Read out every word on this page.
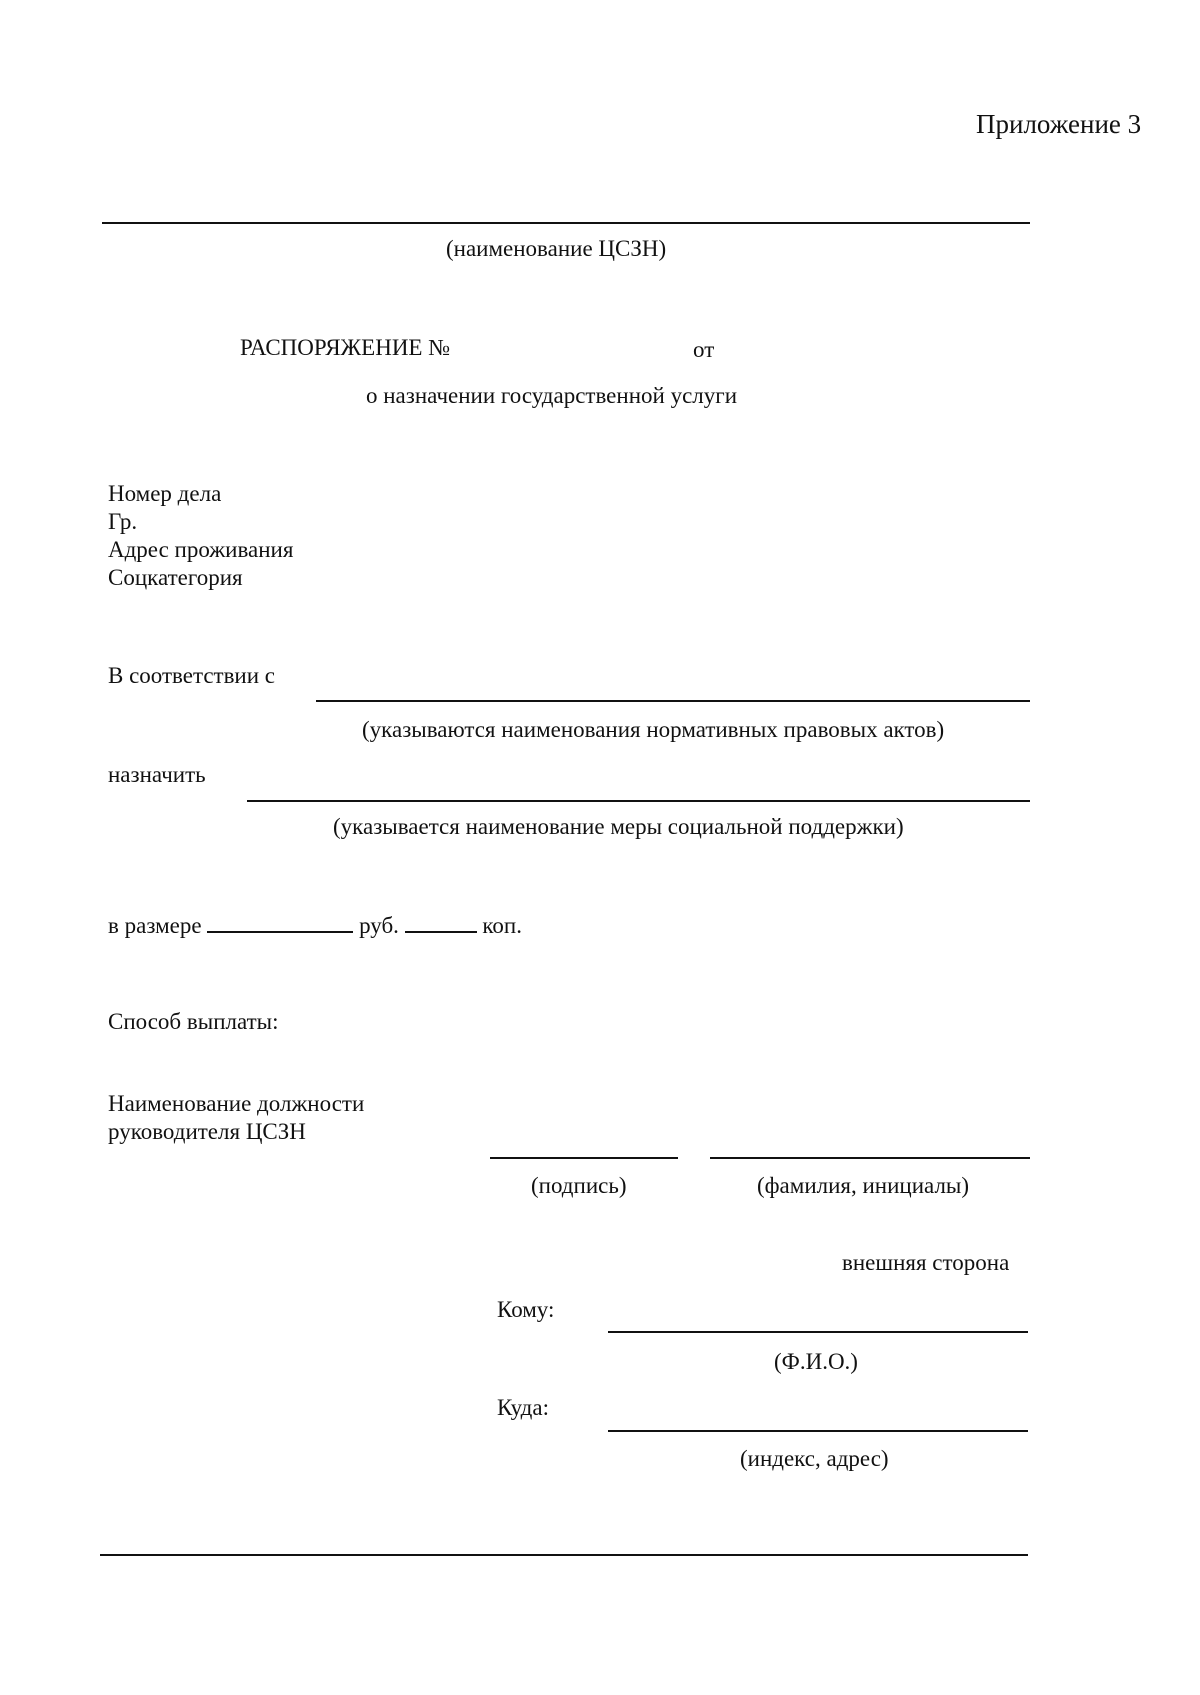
Приложение 3
(наименование ЦСЗН)
РАСПОРЯЖЕНИЕ №	от
о назначении государственной услуги
Номер дела
Гр.
Адрес проживания
Соцкатегория
В соответствии с
(указываются наименования нормативных правовых актов)
назначить
(указывается наименование меры социальной поддержки)
в размере	руб.	коп.
Способ выплаты:
Наименование должности
руководителя ЦСЗН
(подпись)	(фамилия, инициалы)
внешняя сторона
Кому:
(Ф.И.О.)
Куда:
(индекс, адрес)
